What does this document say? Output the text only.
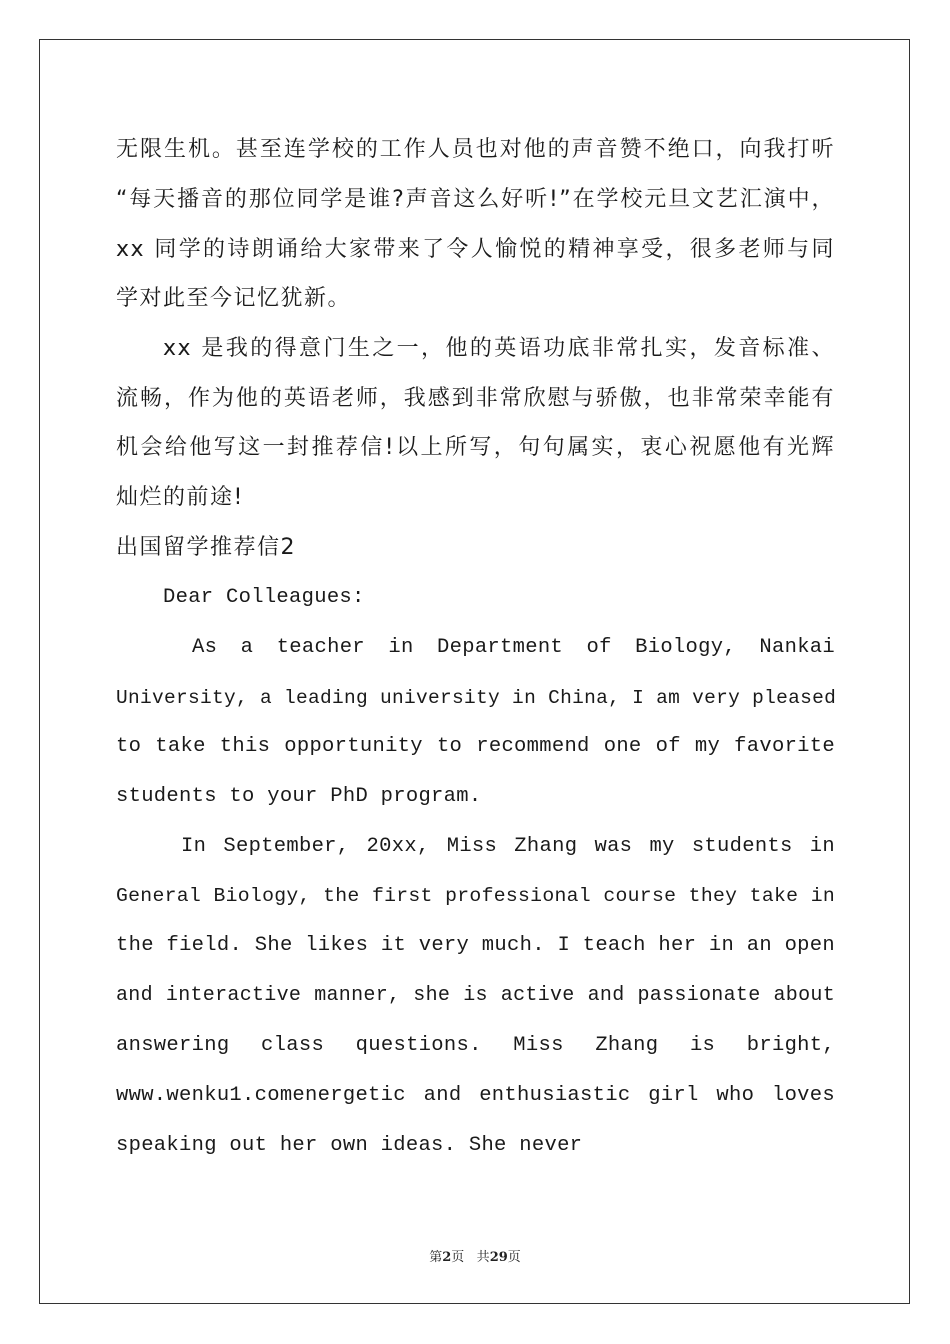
无限生机。甚至连学校的工作人员也对他的声音赞不绝口，向我打听

“每天播音的那位同学是谁?声音这么好听!”在学校元旦文艺汇演中，

xx 同学的诗朗诵给大家带来了令人愉悦的精神享受，很多老师与同

学对此至今记忆犹新。

xx 是我的得意门生之一，他的英语功底非常扎实，发音标准、

流畅，作为他的英语老师，我感到非常欣慰与骄傲，也非常荣幸能有

机会给他写这一封推荐信!以上所写，句句属实，衷心祝愿他有光辉

灿烂的前途!

出国留学推荐信2

Dear Colleagues:

As a teacher in Department of Biology, Nankai

University, a leading university in China, I am very pleased

to take this opportunity to recommend one of my favorite

students to your PhD program.

In September, 20xx, Miss Zhang was my students in

General Biology, the first professional course they take in

the field. She likes it very much. I teach her in an open

and interactive manner, she is active and passionate about

answering class questions. Miss Zhang is bright,

www.wenku1.comenergetic and enthusiastic girl who loves

speaking out her own ideas. She never

第2页 共29页
